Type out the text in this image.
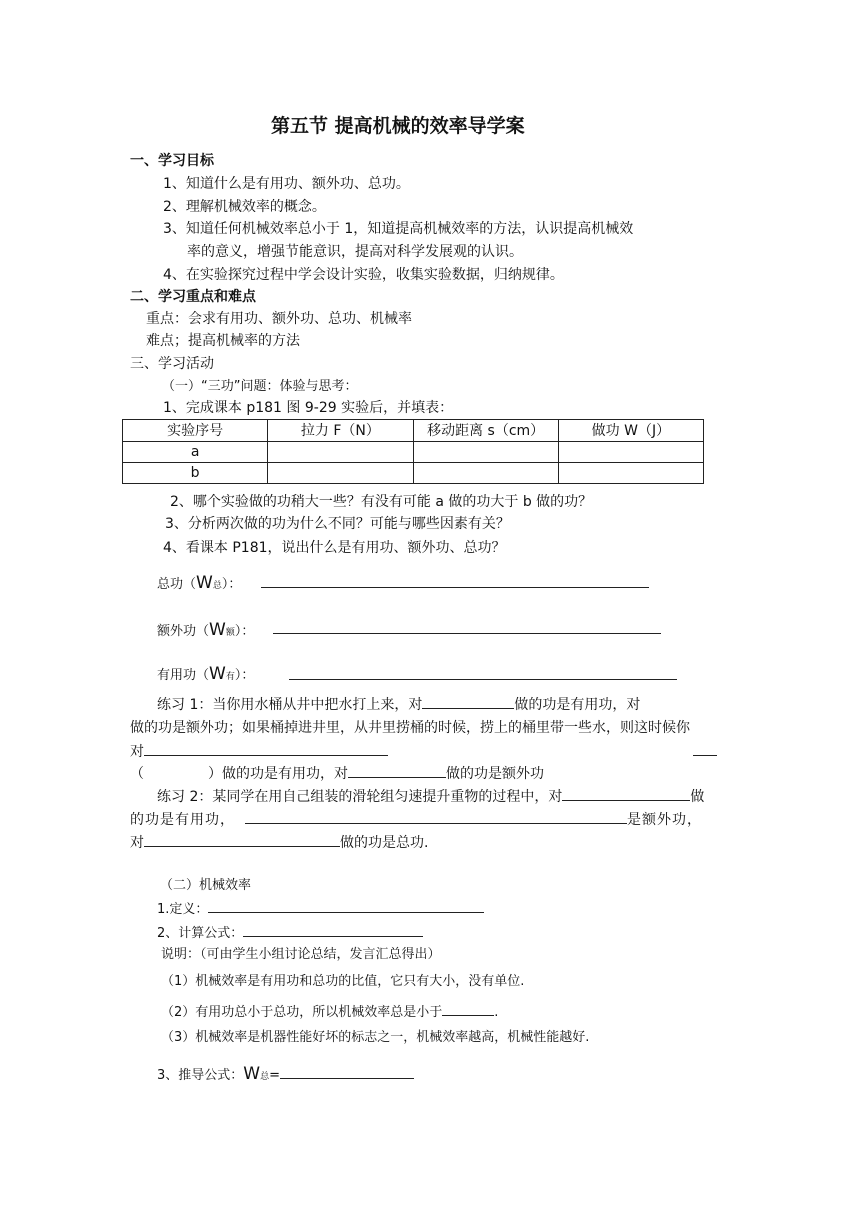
第五节 提高机械的效率导学案
一、学习目标
1、知道什么是有用功、额外功、总功。
2、理解机械效率的概念。
3、知道任何机械效率总小于 1，知道提高机械效率的方法，认识提高机械效
率的意义，增强节能意识，提高对科学发展观的认识。
4、在实验探究过程中学会设计实验，收集实验数据，归纳规律。
二、学习重点和难点
重点：会求有用功、额外功、总功、机械率
难点；提高机械率的方法
三、学习活动
（一）“三功”问题：体验与思考：
1、完成课本 p181 图 9-29 实验后，并填表：
实验序号	拉力 F（N）	移动距离 s（cm）	做功 W（J）
a			
b			
2、哪个实验做的功稍大一些？有没有可能 a 做的功大于 b 做的功？
3、分析两次做的功为什么不同？可能与哪些因素有关？
4、看课本 P181，说出什么是有用功、额外功、总功？
总功（W总）：
额外功（W额）：
有用功（W有）：
练习 1：当你用水桶从井中把水打上来，对	做的功是有用功，对
做的功是额外功；如果桶掉进井里，从井里捞桶的时候，捞上的桶里带一些水，则这时候你
对
（	）做的功是有用功，对	做的功是额外功
练习 2：某同学在用自己组装的滑轮组匀速提升重物的过程中，对	做
的功是有用功，	是额外功，
对	做的功是总功.
（二）机械效率
1.定义：
2、计算公式：
说明：（可由学生小组讨论总结，发言汇总得出）
（1）机械效率是有用功和总功的比值，它只有大小，没有单位.
（2）有用功总小于总功，所以机械效率总是小于	.
（3）机械效率是机器性能好坏的标志之一，机械效率越高，机械性能越好.
3、推导公式：W总=
